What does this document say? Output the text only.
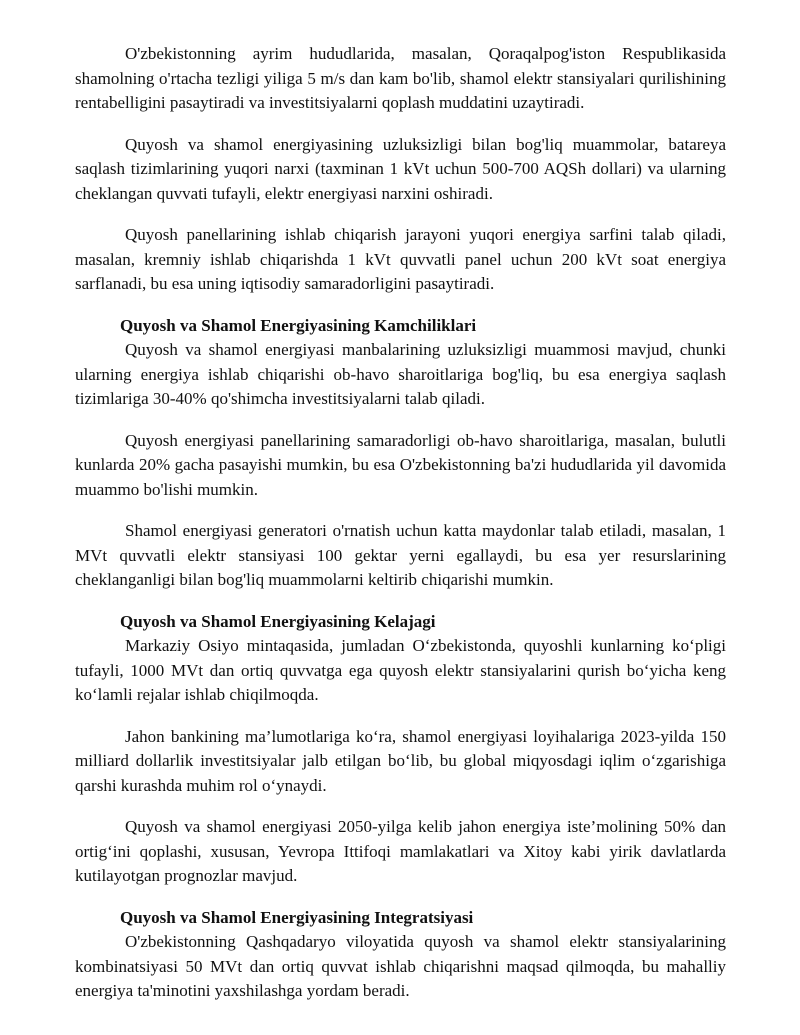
O'zbekistonning ayrim hududlarida, masalan, Qoraqalpog'iston Respublikasida shamolning o'rtacha tezligi yiliga 5 m/s dan kam bo'lib, shamol elektr stansiyalari qurilishining rentabelligini pasaytiradi va investitsiyalarni qoplash muddatini uzaytiradi.

Quyosh va shamol energiyasining uzluksizligi bilan bog'liq muammolar, batareya saqlash tizimlarining yuqori narxi (taxminan 1 kVt uchun 500-700 AQSh dollari) va ularning cheklangan quvvati tufayli, elektr energiyasi narxini oshiradi.

Quyosh panellarining ishlab chiqarish jarayoni yuqori energiya sarfini talab qiladi, masalan, kremniy ishlab chiqarishda 1 kVt quvvatli panel uchun 200 kVt soat energiya sarflanadi, bu esa uning iqtisodiy samaradorligini pasaytiradi.

Quyosh va Shamol Energiyasining Kamchiliklari

Quyosh va shamol energiyasi manbalarining uzluksizligi muammosi mavjud, chunki ularning energiya ishlab chiqarishi ob-havo sharoitlariga bog'liq, bu esa energiya saqlash tizimlariga 30-40% qo'shimcha investitsiyalarni talab qiladi.

Quyosh energiyasi panellarining samaradorligi ob-havo sharoitlariga, masalan, bulutli kunlarda 20% gacha pasayishi mumkin, bu esa O'zbekistonning ba'zi hududlarida yil davomida muammo bo'lishi mumkin.

Shamol energiyasi generatori o'rnatish uchun katta maydonlar talab etiladi, masalan, 1 MVt quvvatli elektr stansiyasi 100 gektar yerni egallaydi, bu esa yer resurslarining cheklanganligi bilan bog'liq muammolarni keltirib chiqarishi mumkin.

Quyosh va Shamol Energiyasining Kelajagi

Markaziy Osiyo mintaqasida, jumladan O‘zbekistonda, quyoshli kunlarning ko‘pligi tufayli, 1000 MVt dan ortiq quvvatga ega quyosh elektr stansiyalarini qurish bo‘yicha keng ko‘lamli rejalar ishlab chiqilmoqda.

Jahon bankining ma’lumotlariga ko‘ra, shamol energiyasi loyihalariga 2023-yilda 150 milliard dollarlik investitsiyalar jalb etilgan bo‘lib, bu global miqyosdagi iqlim o‘zgarishiga qarshi kurashda muhim rol o‘ynaydi.

Quyosh va shamol energiyasi 2050-yilga kelib jahon energiya iste’molining 50% dan ortig‘ini qoplashi, xususan, Yevropa Ittifoqi mamlakatlari va Xitoy kabi yirik davlatlarda kutilayotgan prognozlar mavjud.

Quyosh va Shamol Energiyasining Integratsiyasi

O'zbekistonning Qashqadaryo viloyatida quyosh va shamol elektr stansiyalarining kombinatsiyasi 50 MVt dan ortiq quvvat ishlab chiqarishni maqsad qilmoqda, bu mahalliy energiya ta'minotini yaxshilashga yordam beradi.
